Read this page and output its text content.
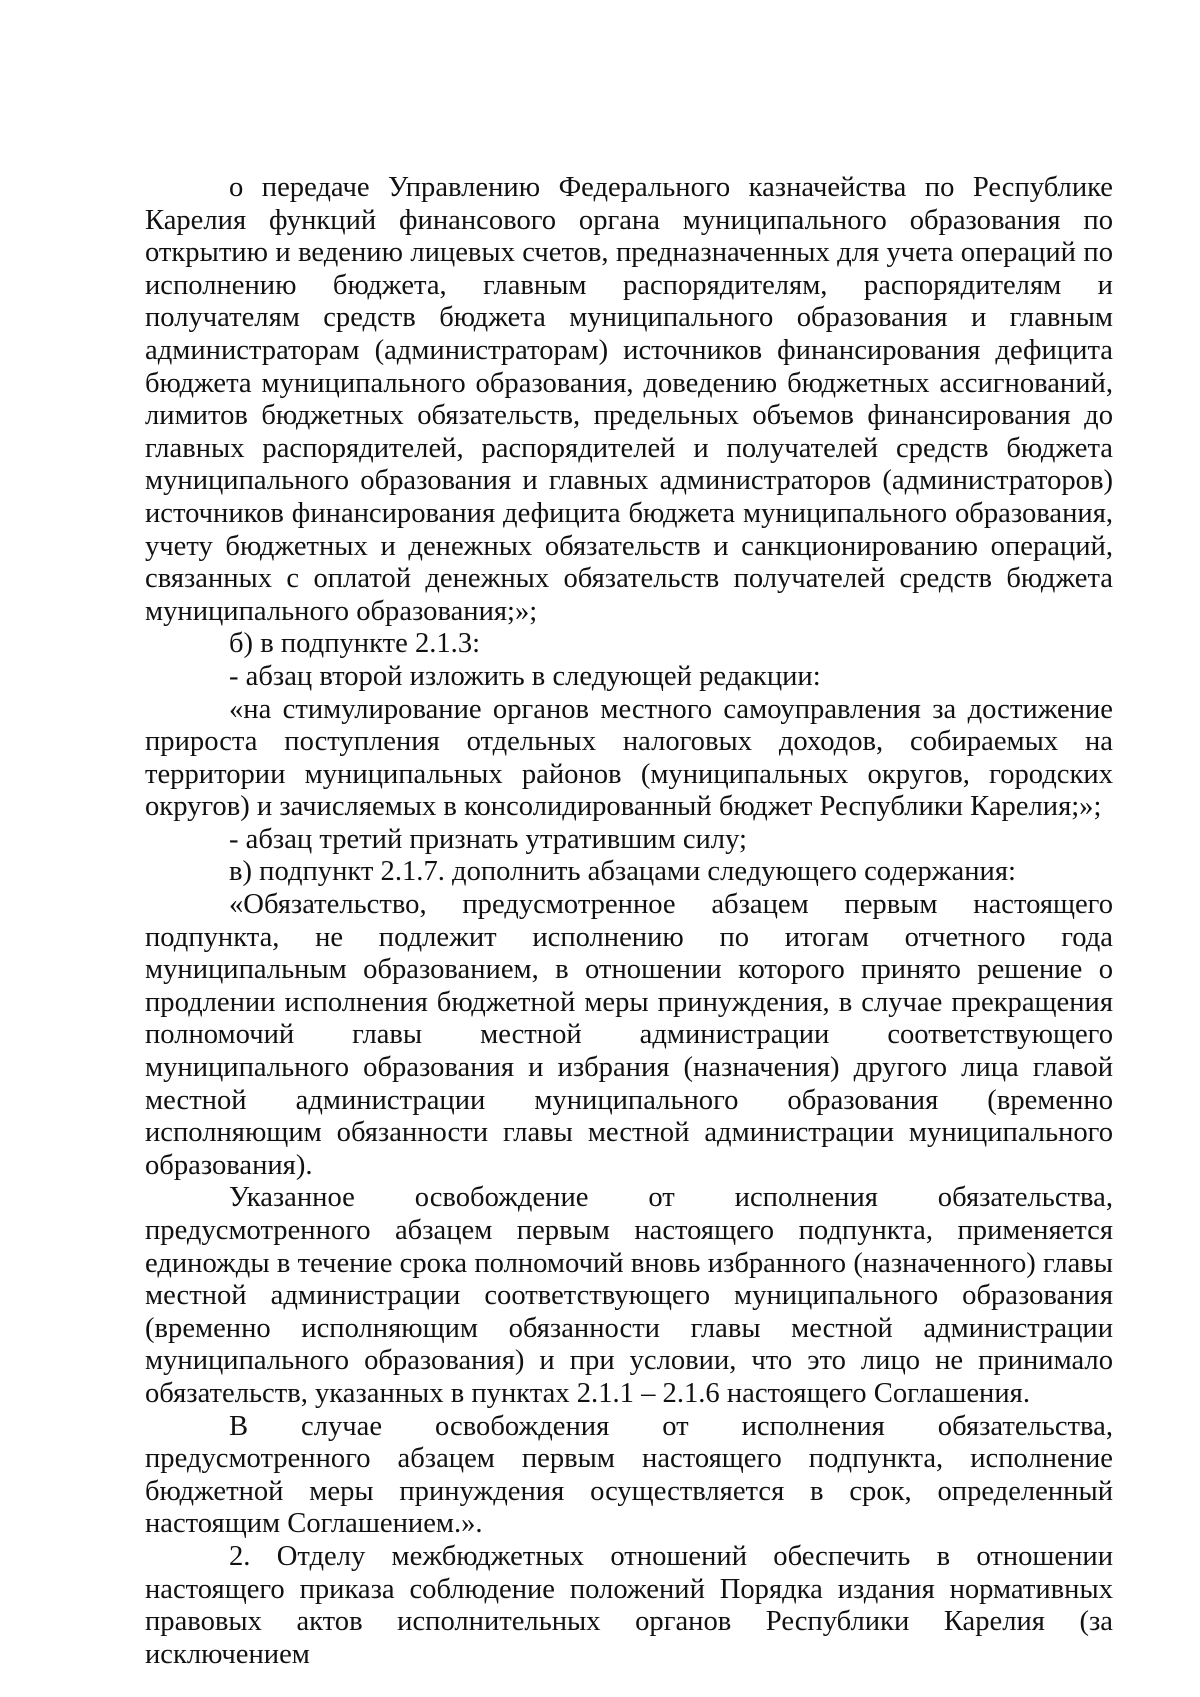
о передаче Управлению Федерального казначейства по Республике Карелия функций финансового органа муниципального образования по открытию и ведению лицевых счетов, предназначенных для учета операций по исполнению бюджета, главным распорядителям, распорядителям и получателям средств бюджета муниципального образования и главным администраторам (администраторам) источников финансирования дефицита бюджета муниципального образования, доведению бюджетных ассигнований, лимитов бюджетных обязательств, предельных объемов финансирования до главных распорядителей, распорядителей и получателей средств бюджета муниципального образования и главных администраторов (администраторов) источников финансирования дефицита бюджета муниципального образования, учету бюджетных и денежных обязательств и санкционированию операций, связанных с оплатой денежных обязательств получателей средств бюджета муниципального образования;»;

б) в подпункте 2.1.3:

- абзац второй изложить в следующей редакции:

«на стимулирование органов местного самоуправления за достижение прироста поступления отдельных налоговых доходов, собираемых на территории муниципальных районов (муниципальных округов, городских округов) и зачисляемых в консолидированный бюджет Республики Карелия;»;

- абзац третий признать утратившим силу;

в) подпункт 2.1.7. дополнить абзацами следующего содержания:

«Обязательство, предусмотренное абзацем первым настоящего подпункта, не подлежит исполнению по итогам отчетного года муниципальным образованием, в отношении которого принято решение о продлении исполнения бюджетной меры принуждения, в случае прекращения полномочий главы местной администрации соответствующего муниципального образования и избрания (назначения) другого лица главой местной администрации муниципального образования (временно исполняющим обязанности главы местной администрации муниципального образования).

Указанное освобождение от исполнения обязательства, предусмотренного абзацем первым настоящего подпункта, применяется единожды в течение срока полномочий вновь избранного (назначенного) главы местной администрации соответствующего муниципального образования (временно исполняющим обязанности главы местной администрации муниципального образования) и при условии, что это лицо не принимало обязательств, указанных в пунктах 2.1.1 – 2.1.6 настоящего Соглашения.

В случае освобождения от исполнения обязательства, предусмотренного абзацем первым настоящего подпункта, исполнение бюджетной меры принуждения осуществляется в срок, определенный настоящим Соглашением.».

2. Отделу межбюджетных отношений обеспечить в отношении настоящего приказа соблюдение положений Порядка издания нормативных правовых актов исполнительных органов Республики Карелия (за исключением
